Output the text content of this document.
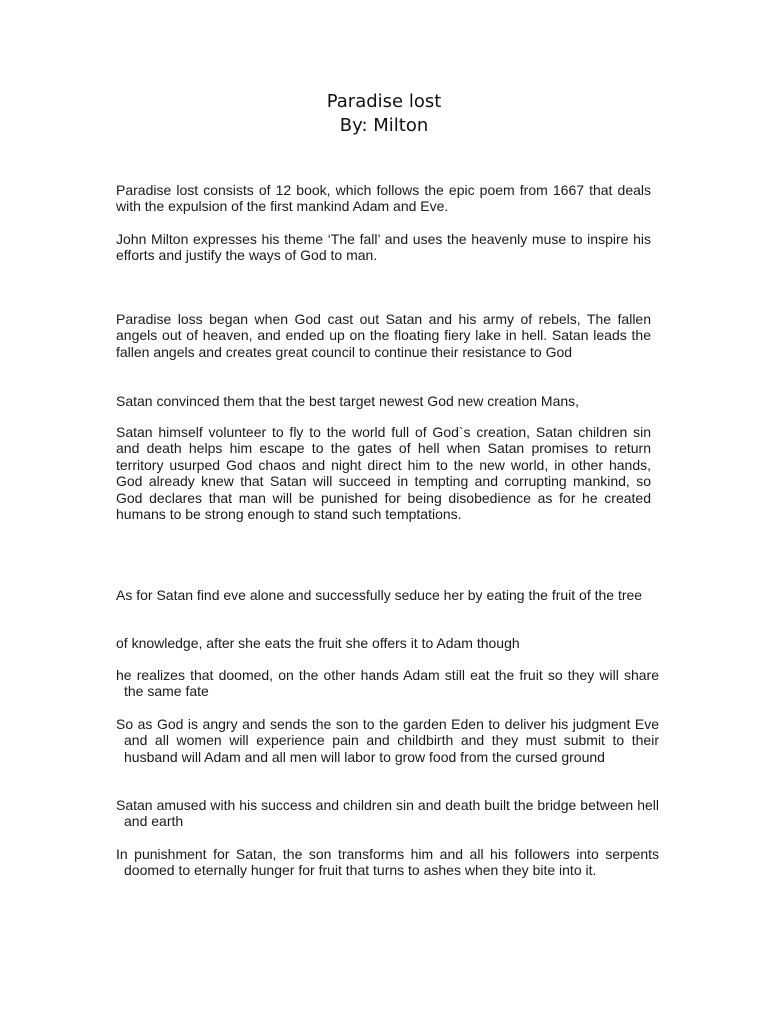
Paradise lost
By: Milton

Paradise lost consists of 12 book, which follows the epic poem from 1667 that deals with the expulsion of the first mankind Adam and Eve.

John Milton expresses his theme ‘The fall’ and uses the heavenly muse to inspire his efforts and justify the ways of God to man.

Paradise loss began when God cast out Satan and his army of rebels, The fallen angels out of heaven, and ended up on the floating fiery lake in hell. Satan leads the fallen angels and creates great council to continue their resistance to God

Satan convinced them that the best target newest God new creation Mans,

Satan himself volunteer to fly to the world full of God`s creation, Satan children sin and death helps him escape to the gates of hell when Satan promises to return territory usurped God chaos and night direct him to the new world, in other hands, God already knew that Satan will succeed in tempting and corrupting mankind, so God declares that man will be punished for being disobedience as for he created humans to be strong enough to stand such temptations.

As for Satan find eve alone and successfully seduce her by eating the fruit of the tree

of knowledge, after she eats the fruit she offers it to Adam though

he realizes that doomed, on the other hands Adam still eat the fruit so they will share the same fate

So as God is angry and sends the son to the garden Eden to deliver his judgment Eve and all women will experience pain and childbirth and they must submit to their husband will Adam and all men will labor to grow food from the cursed ground

Satan amused with his success and children sin and death built the bridge between hell and earth

In punishment for Satan, the son transforms him and all his followers into serpents doomed to eternally hunger for fruit that turns to ashes when they bite into it.
